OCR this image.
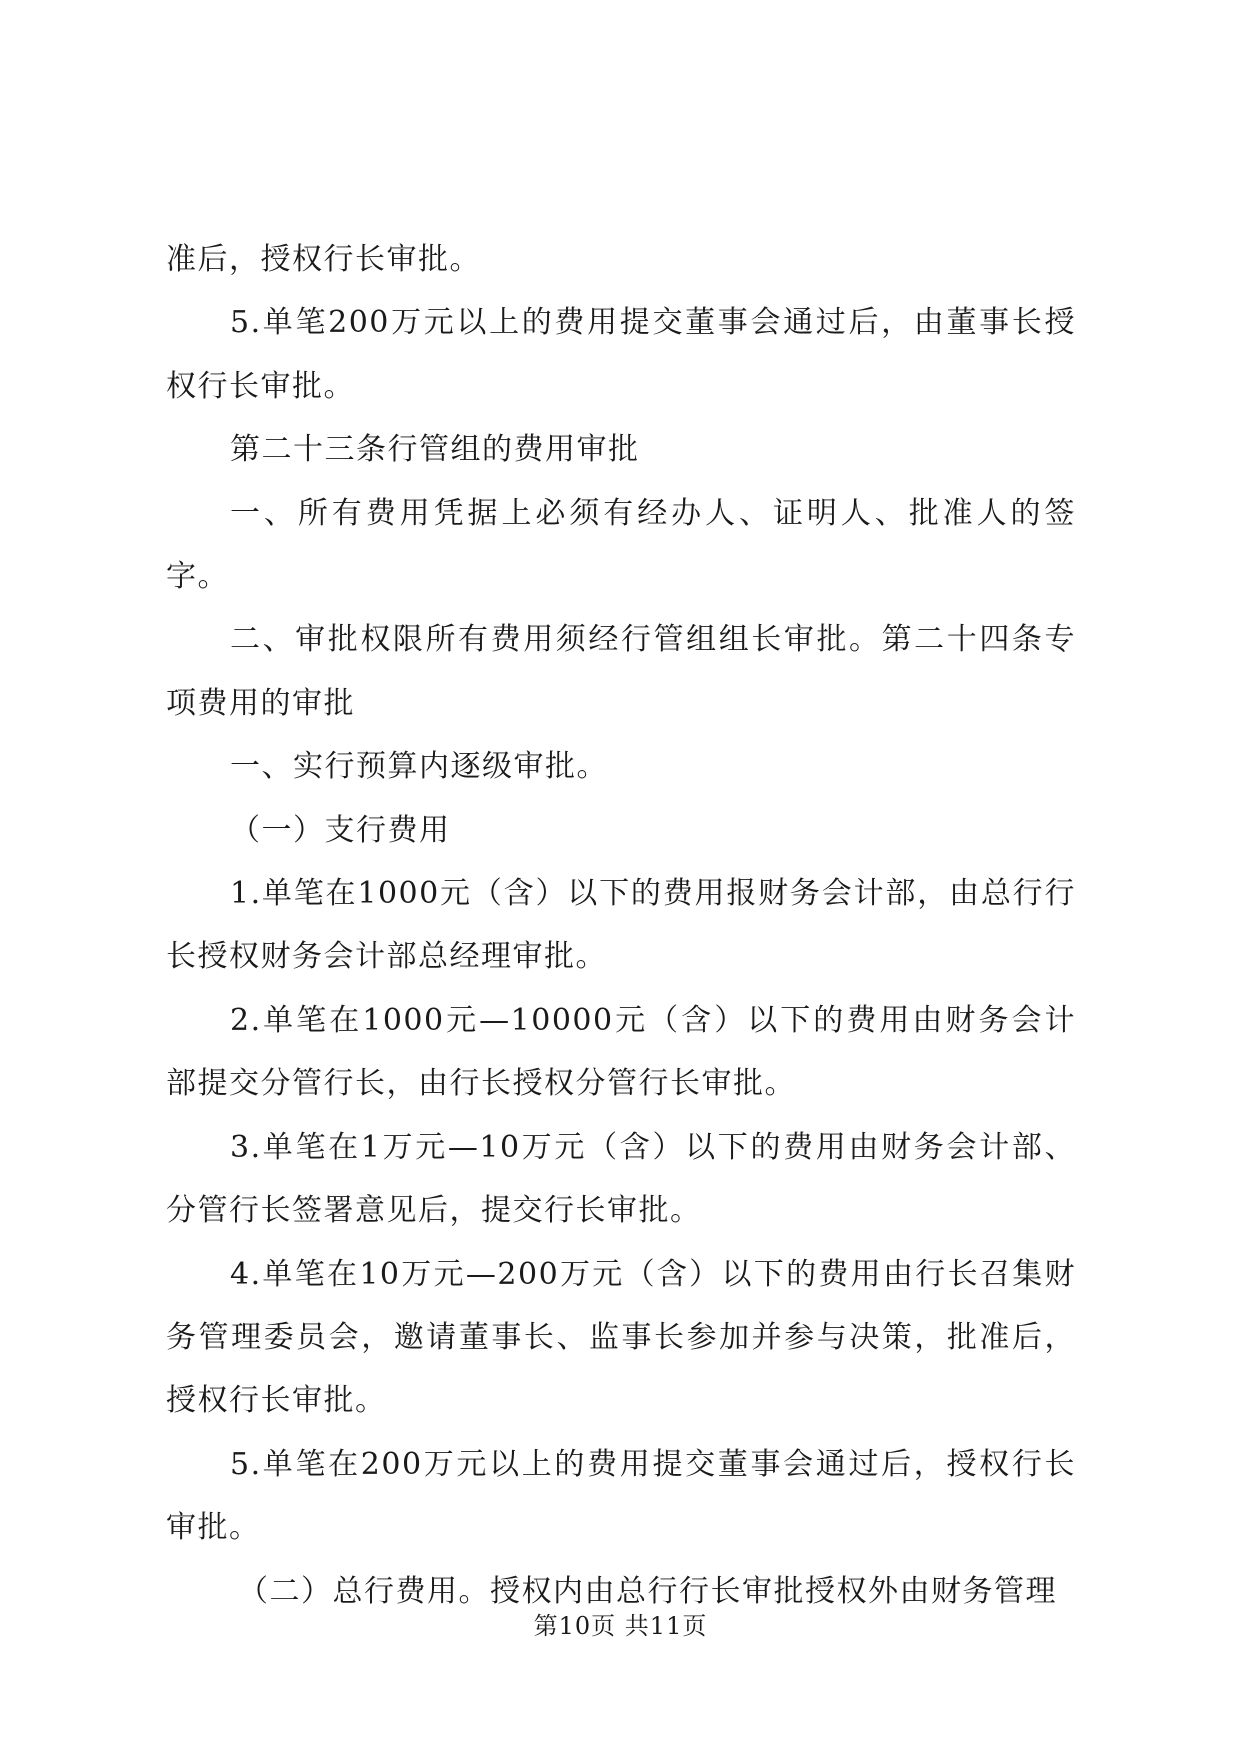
准后，授权行长审批。

5.单笔200万元以上的费用提交董事会通过后，由董事长授权行长审批。

第二十三条行管组的费用审批

一、所有费用凭据上必须有经办人、证明人、批准人的签字。

二、审批权限所有费用须经行管组组长审批。第二十四条专项费用的审批

一、实行预算内逐级审批。

（一）支行费用

1.单笔在1000元（含）以下的费用报财务会计部，由总行行长授权财务会计部总经理审批。

2.单笔在1000元—10000元（含）以下的费用由财务会计部提交分管行长，由行长授权分管行长审批。

3.单笔在1万元—10万元（含）以下的费用由财务会计部、分管行长签署意见后，提交行长审批。

4.单笔在10万元—200万元（含）以下的费用由行长召集财务管理委员会，邀请董事长、监事长参加并参与决策，批准后，授权行长审批。

5.单笔在200万元以上的费用提交董事会通过后，授权行长审批。

（二）总行费用。授权内由总行行长审批授权外由财务管理

第10页 共11页
